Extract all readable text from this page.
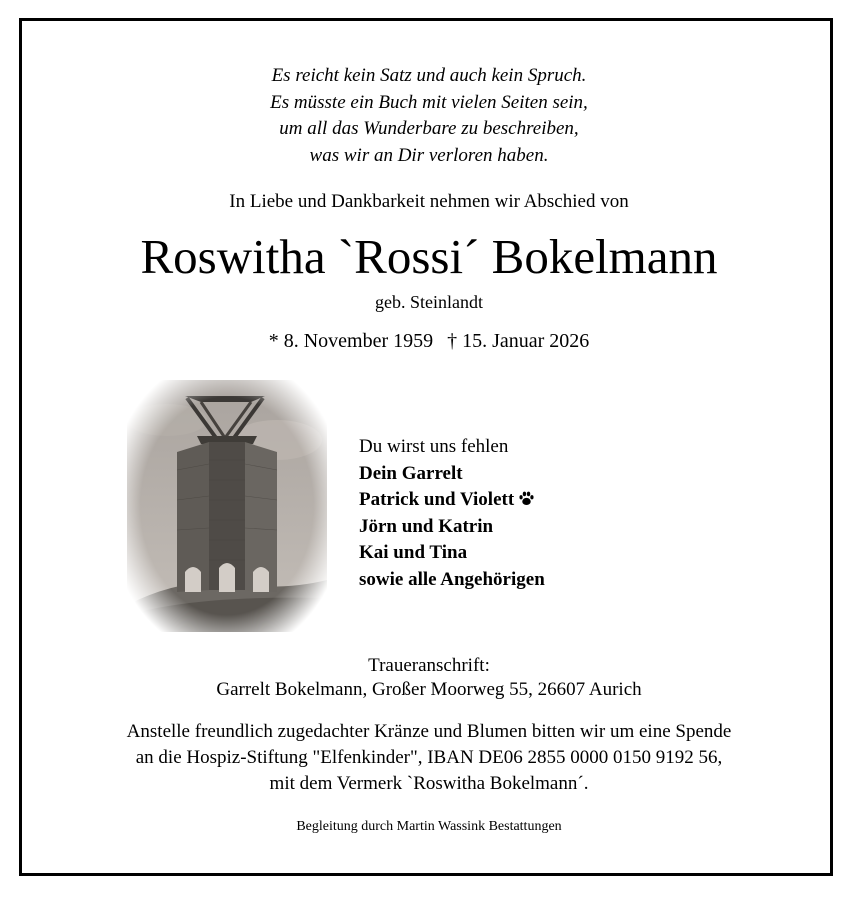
Es reicht kein Satz und auch kein Spruch.
Es müsste ein Buch mit vielen Seiten sein,
um all das Wunderbare zu beschreiben,
was wir an Dir verloren haben.
In Liebe und Dankbarkeit nehmen wir Abschied von
Roswitha `Rossi´ Bokelmann
geb. Steinlandt
* 8. November 1959 † 15. Januar 2026
Du wirst uns fehlen
Dein Garrelt
Patrick und Violett
Jörn und Katrin
Kai und Tina
sowie alle Angehörigen
Traueranschrift:
Garrelt Bokelmann, Großer Moorweg 55, 26607 Aurich
Anstelle freundlich zugedachter Kränze und Blumen bitten wir um eine Spende
an die Hospiz-Stiftung "Elfenkinder", IBAN DE06 2855 0000 0150 9192 56,
mit dem Vermerk `Roswitha Bokelmann´.
Begleitung durch Martin Wassink Bestattungen
